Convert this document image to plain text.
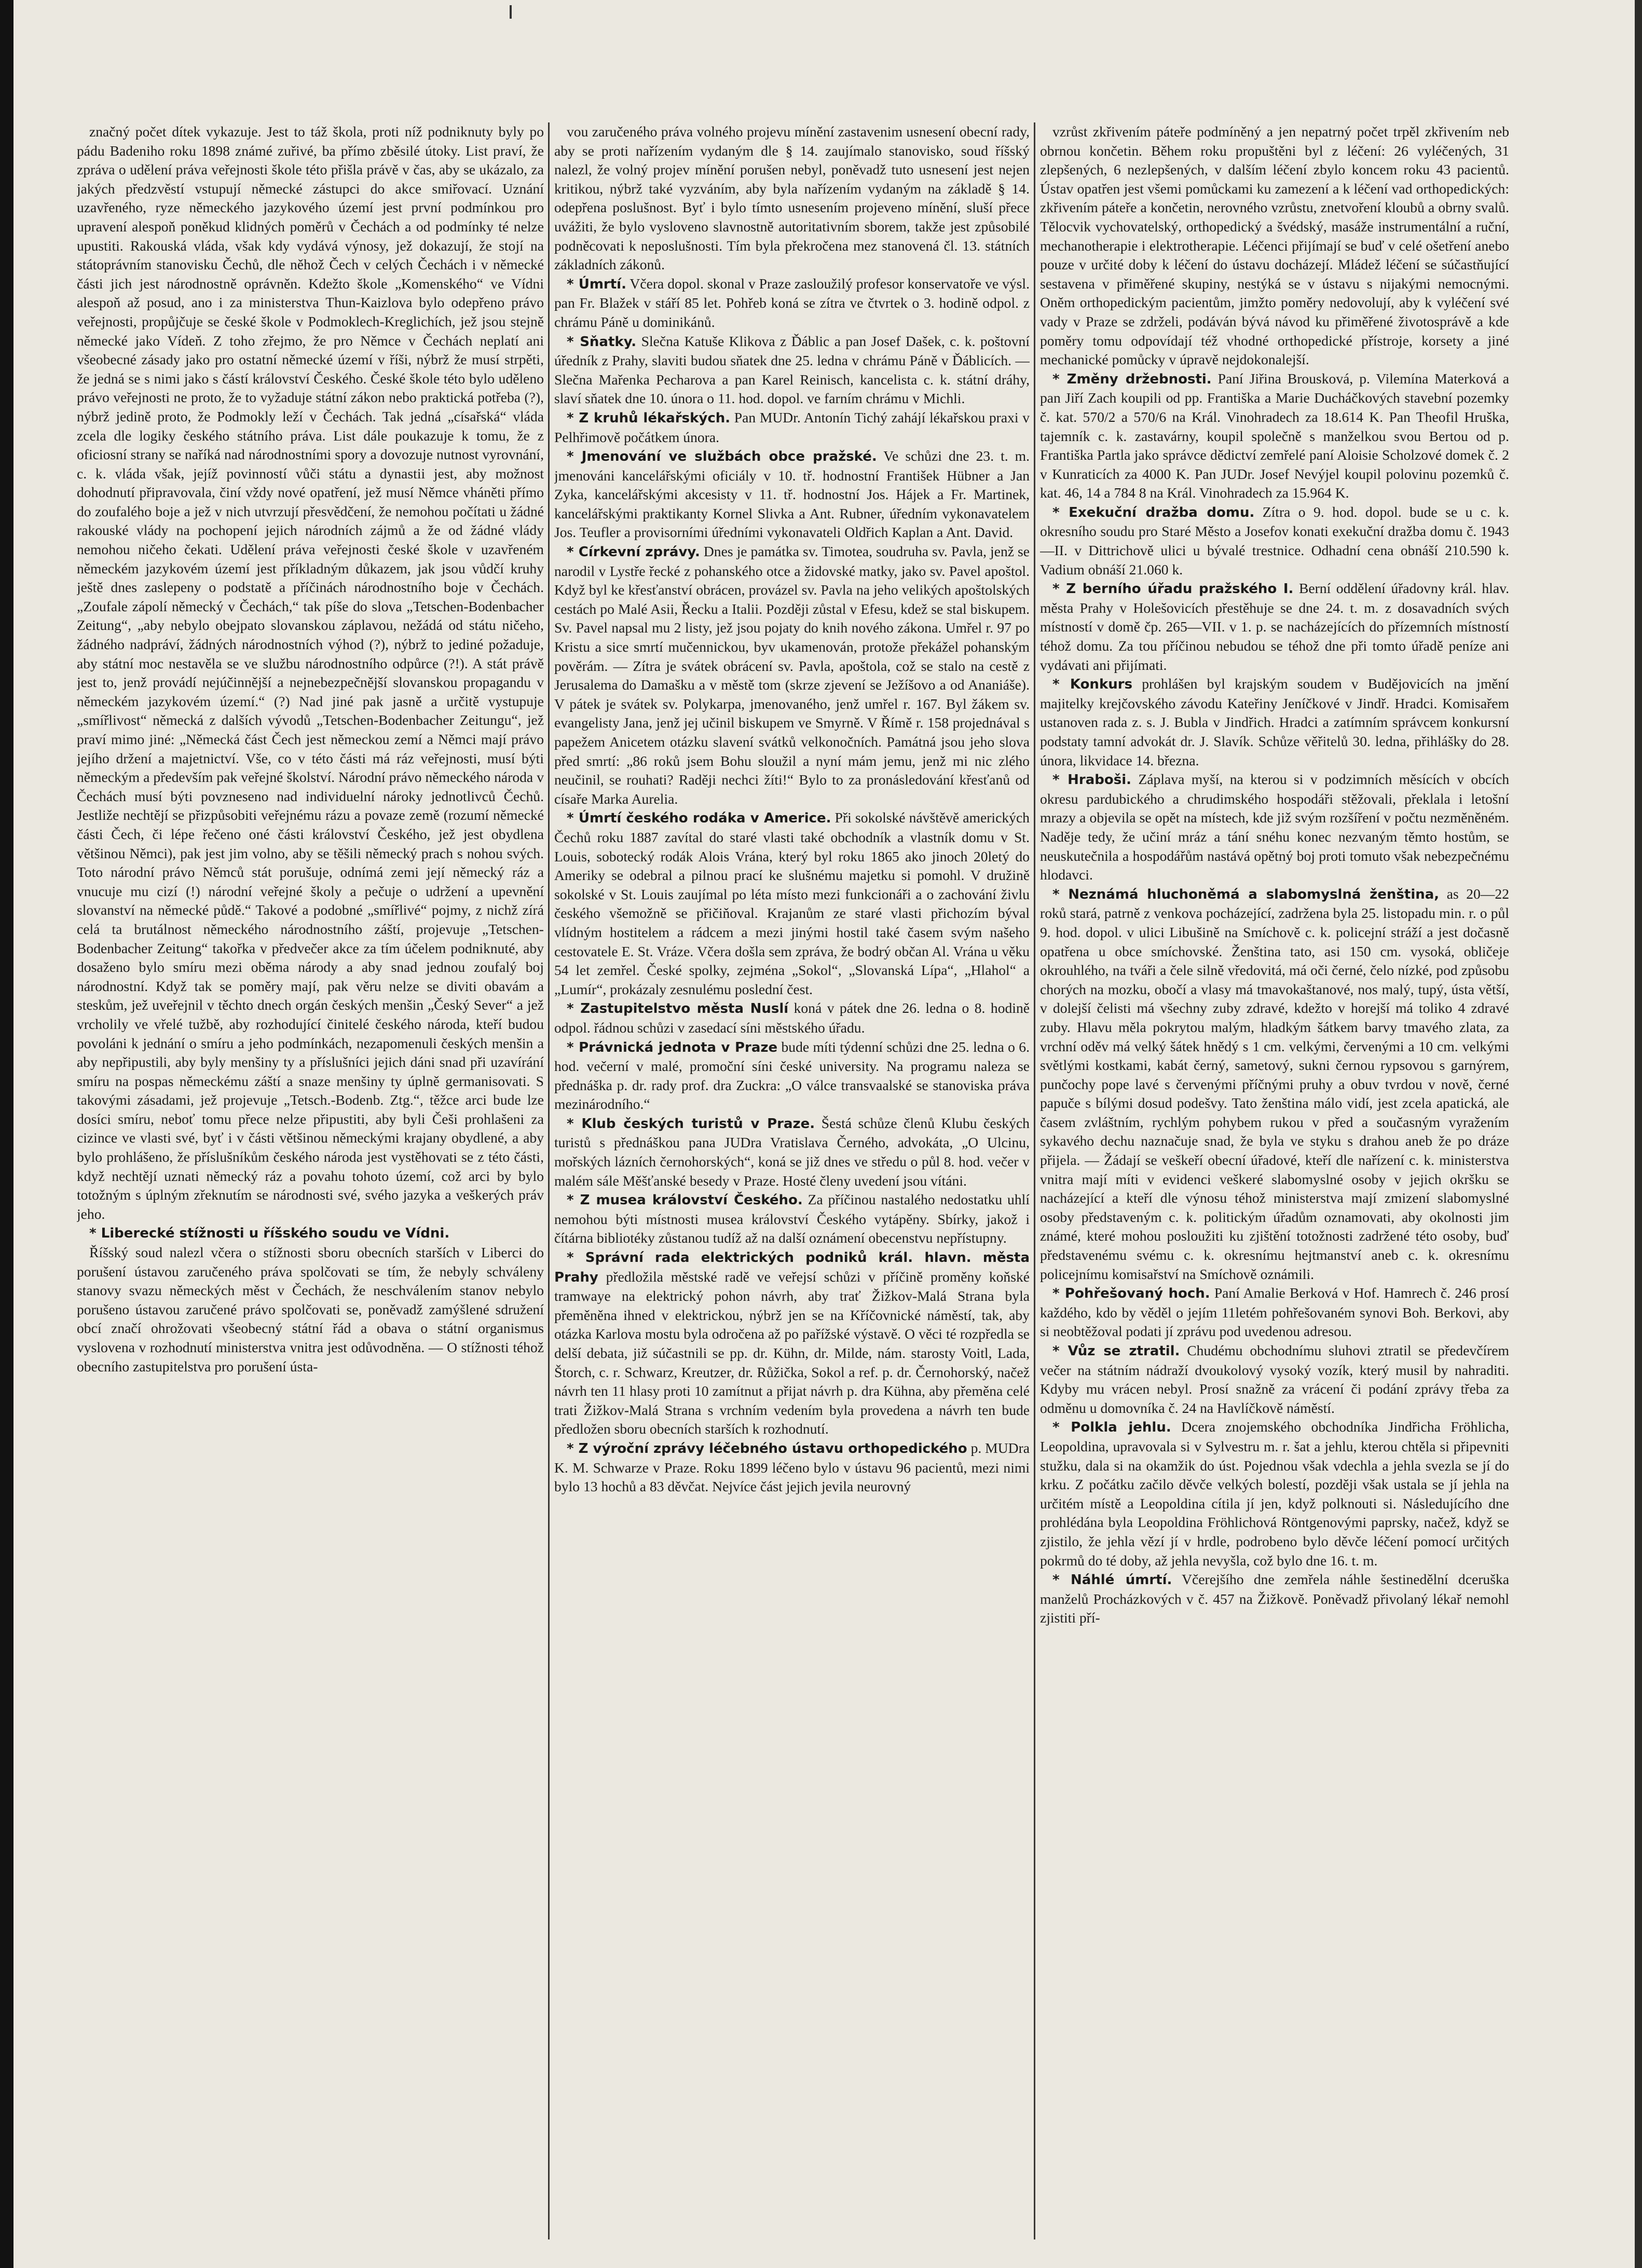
značný počet dítek vykazuje. Jest to táž škola, proti níž podniknuty byly po pádu Badeniho roku 1898 známé zuřivé, ba přímo zběsilé útoky. List praví, že zpráva o udělení práva veřejnosti škole této přišla právě v čas, aby se ukázalo, za jakých předzvěstí vstupují německé zástupci do akce smiřovací. Uznání uzavřeného, ryze německého jazykového území jest první podmínkou pro upravení alespoň poněkud klidných poměrů v Čechách a od podmínky té nelze upustiti. Rakouská vláda, však kdy vydává výnosy, jež dokazují, že stojí na státoprávním stanovisku Čechů, dle něhož Čech v celých Čechách i v německé části jich jest národnostně oprávněn. Kdežto škole „Komenského“ ve Vídni alespoň až posud, ano i za ministerstva Thun-Kaizlova bylo odepřeno právo veřejnosti, propůjčuje se české škole v Podmoklech-Kreglichích, jež jsou stejně německé jako Vídeň. Z toho zřejmo, že pro Němce v Čechách neplatí ani všeobecné zásady jako pro ostatní německé území v říši, nýbrž že musí strpěti, že jedná se s nimi jako s částí království Českého. České škole této bylo uděleno právo veřejnosti ne proto, že to vyžaduje státní zákon nebo praktická potřeba (?), nýbrž jedině proto, že Podmokly leží v Čechách. Tak jedná „císařská“ vláda zcela dle logiky českého státního práva. List dále poukazuje k tomu, že z oficiosní strany se naříká nad národnostními spory a dovozuje nutnost vyrovnání, c. k. vláda však, jejíž povinností vůči státu a dynastii jest, aby možnost dohodnutí připravovala, činí vždy nové opatření, jež musí Němce vháněti přímo do zoufalého boje a jež v nich utvrzují přesvědčení, že nemohou počítati u žádné rakouské vlády na pochopení jejich národních zájmů a že od žádné vlády nemohou ničeho čekati. Udělení práva veřejnosti české škole v uzavřeném německém jazykovém území jest příkladným důkazem, jak jsou vůdčí kruhy ještě dnes zaslepeny o podstatě a příčinách národnostního boje v Čechách. „Zoufale zápolí německý v Čechách,“ tak píše do slova „Tetschen-Bodenbacher Zeitung“, „aby nebylo obejpato slovanskou záplavou, nežádá od státu ničeho, žádného nadpráví, žádných národnostních výhod (?), nýbrž to jediné požaduje, aby státní moc nestavěla se ve službu národnostního odpůrce (?!). A stát právě jest to, jenž provádí nejúčinnější a nejnebezpečnější slovanskou propagandu v německém jazykovém území.“ (?) Nad jiné pak jasně a určitě vystupuje „smířlivost“ německá z dalších vývodů „Tetschen-Bodenbacher Zeitungu“, jež praví mimo jiné: „Německá část Čech jest německou zemí a Němci mají právo jejího držení a majetnictví. Vše, co v této části má ráz veřejnosti, musí býti německým a především pak veřejné školství. Národní právo německého národa v Čechách musí býti povzneseno nad individuelní nároky jednotlivců Čechů. Jestliže nechtějí se přizpůsobiti veřejnému rázu a povaze země (rozumí německé části Čech, či lépe řečeno oné části království Českého, jež jest obydlena většinou Němci), pak jest jim volno, aby se těšili německý prach s nohou svých. Toto národní právo Němců stát porušuje, odnímá zemi její německý ráz a vnucuje mu cizí (!) národní veřejné školy a pečuje o udržení a upevnění slovanství na německé půdě.“ Takové a podobné „smířlivé“ pojmy, z nichž zírá celá ta brutálnost německého národnostního záští, projevuje „Tetschen-Bodenbacher Zeitung“ takořka v předvečer akce za tím účelem podniknuté, aby dosaženo bylo smíru mezi oběma národy a aby snad jednou zoufalý boj národnostní. Když tak se poměry mají, pak věru nelze se diviti obavám a steskům, jež uveřejnil v těchto dnech orgán českých menšin „Český Sever“ a jež vrcholily ve vřelé tužbě, aby rozhodující činitelé českého národa, kteří budou povoláni k jednání o smíru a jeho podmínkách, nezapomenuli českých menšin a aby nepřipustili, aby byly menšiny ty a příslušníci jejich dáni snad při uzavírání smíru na pospas německému záští a snaze menšiny ty úplně germanisovati. S takovými zásadami, jež projevuje „Tetsch.-Bodenb. Ztg.“, těžce arci bude lze dosíci smíru, neboť tomu přece nelze připustiti, aby byli Češi prohlašeni za cizince ve vlasti své, byť i v části většinou německými krajany obydlené, a aby bylo prohlášeno, že příslušníkům českého národa jest vystěhovati se z této části, když nechtějí uznati německý ráz a povahu tohoto území, což arci by bylo totožným s úplným zřeknutím se národnosti své, svého jazyka a veškerých práv jeho.

* Liberecké stížnosti u říšského soudu ve Vídni.

Říšský soud nalezl včera o stížnosti sboru obecních starších v Liberci do porušení ústavou zaručeného práva spolčovati se tím, že nebyly schváleny stanovy svazu německých měst v Čechách, že neschválením stanov nebylo porušeno ústavou zaručené právo spolčovati se, poněvadž zamýšlené sdružení obcí značí ohrožovati všeobecný státní řád a obava o státní organismus vyslovena v rozhodnutí ministerstva vnitra jest odůvodněna. — O stížnosti téhož obecního zastupitelstva pro porušení ústa-

vou zaručeného práva volného projevu mínění zastavenim usnesení obecní rady, aby se proti nařízením vydaným dle § 14. zaujímalo stanovisko, soud říšský nalezl, že volný projev mínění porušen nebyl, poněvadž tuto usnesení jest nejen kritikou, nýbrž také vyzváním, aby byla nařízením vydaným na základě § 14. odepřena poslušnost. Byť i bylo tímto usnesením projeveno mínění, sluší přece uvážiti, že bylo vysloveno slavnostně autoritativním sborem, takže jest způsobilé podněcovati k neposlušnosti. Tím byla překročena mez stanovená čl. 13. státních základních zákonů.

* Úmrtí. Včera dopol. skonal v Praze zasloužilý profesor konservatoře ve výsl. pan Fr. Blažek v stáří 85 let. Pohřeb koná se zítra ve čtvrtek o 3. hodině odpol. z chrámu Páně u dominikánů.

* Sňatky. Slečna Katuše Klikova z Ďáblic a pan Josef Dašek, c. k. poštovní úředník z Prahy, slaviti budou sňatek dne 25. ledna v chrámu Páně v Ďáblicích. — Slečna Mařenka Pecharova a pan Karel Reinisch, kancelista c. k. státní dráhy, slaví sňatek dne 10. února o 11. hod. dopol. ve farním chrámu v Michli.

* Z kruhů lékařských. Pan MUDr. Antonín Tichý zahájí lékařskou praxi v Pelhřimově počátkem února.

* Jmenování ve službách obce pražské. Ve schůzi dne 23. t. m. jmenováni kancelářskými oficiály v 10. tř. hodnostní František Hübner a Jan Zyka, kancelářskými akcesisty v 11. tř. hodnostní Jos. Hájek a Fr. Martinek, kancelářskými praktikanty Kornel Slivka a Ant. Rubner, úředním vykonavatelem Jos. Teufler a provisorními úředními vykonavateli Oldřich Kaplan a Ant. David.

* Církevní zprávy. Dnes je památka sv. Timotea, soudruha sv. Pavla, jenž se narodil v Lystře řecké z pohanského otce a židovské matky, jako sv. Pavel apoštol. Když byl ke křesťanství obrácen, provázel sv. Pavla na jeho velikých apoštolských cestách po Malé Asii, Řecku a Italii. Později zůstal v Efesu, kdež se stal biskupem. Sv. Pavel napsal mu 2 listy, jež jsou pojaty do knih nového zákona. Umřel r. 97 po Kristu a sice smrtí mučennickou, byv ukamenován, protože překážel pohanským pověrám. — Zítra je svátek obrácení sv. Pavla, apoštola, což se stalo na cestě z Jerusalema do Damašku a v městě tom (skrze zjevení se Ježíšovo a od Ananiáše). V pátek je svátek sv. Polykarpa, jmenovaného, jenž umřel r. 167. Byl žákem sv. evangelisty Jana, jenž jej učinil biskupem ve Smyrně. V Římě r. 158 projednával s papežem Anicetem otázku slavení svátků velkonočních. Památná jsou jeho slova před smrtí: „86 roků jsem Bohu sloužil a nyní mám jemu, jenž mi nic zlého neučinil, se rouhati? Raději nechci žíti!“ Bylo to za pronásledování křesťanů od císaře Marka Aurelia.

* Úmrtí českého rodáka v Americe. Při sokolské návštěvě amerických Čechů roku 1887 zavítal do staré vlasti také obchodník a vlastník domu v St. Louis, sobotecký rodák Alois Vrána, který byl roku 1865 ako jinoch 20letý do Ameriky se odebral a pilnou prací ke slušnému majetku si pomohl. V družině sokolské v St. Louis zaujímal po léta místo mezi funkcionáři a o zachování živlu českého všemožně se přičiňoval. Krajanům ze staré vlasti přichozím býval vlídným hostitelem a rádcem a mezi jinými hostil také časem svým našeho cestovatele E. St. Vráze. Včera došla sem zpráva, že bodrý občan Al. Vrána u věku 54 let zemřel. České spolky, zejména „Sokol“, „Slovanská Lípa“, „Hlahol“ a „Lumír“, prokázaly zesnulému poslední čest.

* Zastupitelstvo města Nuslí koná v pátek dne 26. ledna o 8. hodině odpol. řádnou schůzi v zasedací síni městského úřadu.

* Právnická jednota v Praze bude míti týdenní schůzi dne 25. ledna o 6. hod. večerní v malé, promoční síni české university. Na programu naleza se přednáška p. dr. rady prof. dra Zuckra: „O válce transvaalské se stanoviska práva mezinárodního.“

* Klub českých turistů v Praze. Šestá schůze členů Klubu českých turistů s přednáškou pana JUDra Vratislava Černého, advokáta, „O Ulcinu, mořských lázních černohorských“, koná se již dnes ve středu o půl 8. hod. večer v malém sále Měšťanské besedy v Praze. Hosté členy uvedení jsou vítáni.

* Z musea království Českého. Za příčinou nastalého nedostatku uhlí nemohou býti místnosti musea království Českého vytápěny. Sbírky, jakož i čítárna bibliotéky zůstanou tudíž až na další oznámení obecenstvu nepřístupny.

* Správní rada elektrických podniků král. hlavn. města Prahy předložila městské radě ve veřejsí schůzi v příčině proměny koňské tramwaye na elektrický pohon návrh, aby trať Žižkov-Malá Strana byla přeměněna ihned v elektrickou, nýbrž jen se na Kříčovnické náměstí, tak, aby otázka Karlova mostu byla odročena až po pařížské výstavě. O věci té rozpředla se delší debata, již súčastnili se pp. dr. Kühn, dr. Milde, nám. starosty Voitl, Lada, Štorch, c. r. Schwarz, Kreutzer, dr. Růžička, Sokol a ref. p. dr. Černohorský, načež návrh ten 11 hlasy proti 10 zamítnut a přijat návrh p. dra Kühna, aby přeměna celé trati Žižkov-Malá Strana s vrchním vedením byla provedena a návrh ten bude předložen sboru obecních starších k rozhodnutí.

* Z výroční zprávy léčebného ústavu orthopedického p. MUDra K. M. Schwarze v Praze. Roku 1899 léčeno bylo v ústavu 96 pacientů, mezi nimi bylo 13 hochů a 83 děvčat. Nejvíce část jejich jevila neurovný

vzrůst zkřivením páteře podmíněný a jen nepatrný počet trpěl zkřivením neb obrnou končetin. Během roku propuštěni byl z léčení: 26 vyléčených, 31 zlepšených, 6 nezlepšených, v dalším léčení zbylo koncem roku 43 pacientů. Ústav opatřen jest všemi pomůckami ku zamezení a k léčení vad orthopedických: zkřivením páteře a končetin, nerovného vzrůstu, znetvoření kloubů a obrny svalů. Tělocvik vychovatelský, orthopedický a švédský, masáže instrumentální a ruční, mechanotherapie i elektrotherapie. Léčenci přijímají se buď v celé ošetření anebo pouze v určité doby k léčení do ústavu docházejí. Mládež léčení se súčastňující sestavena v přiměřené skupiny, nestýká se v ústavu s nijakými nemocnými. Oněm orthopedickým pacientům, jimžto poměry nedovolují, aby k vyléčení své vady v Praze se zdrželi, podáván bývá návod ku přiměřené životosprávě a kde poměry tomu odpovídají též vhodné orthopedické přístroje, korsety a jiné mechanické pomůcky v úpravě nejdokonalejší.

* Změny držebnosti. Paní Jiřina Brousková, p. Vilemína Materková a pan Jiří Zach koupili od pp. Františka a Marie Ducháčkových stavební pozemky č. kat. 570/2 a 570/6 na Král. Vinohradech za 18.614 K. Pan Theofil Hruška, tajemník c. k. zastavárny, koupil společně s manželkou svou Bertou od p. Františka Partla jako správce dědictví zemřelé paní Aloisie Scholzové domek č. 2 v Kunraticích za 4000 K. Pan JUDr. Josef Nevýjel koupil polovinu pozemků č. kat. 46, 14 a 784 8 na Král. Vinohradech za 15.964 K.

* Exekuční dražba domu. Zítra o 9. hod. dopol. bude se u c. k. okresního soudu pro Staré Město a Josefov konati exekuční dražba domu č. 1943—II. v Dittrichově ulici u bývalé trestnice. Odhadní cena obnáší 210.590 k. Vadium obnáší 21.060 k.

* Z berního úřadu pražského I. Berní oddělení úřadovny král. hlav. města Prahy v Holešovicích přestěhuje se dne 24. t. m. z dosavadních svých místností v domě čp. 265—VII. v 1. p. se nacházejících do přízemních místností téhož domu. Za tou příčinou nebudou se téhož dne při tomto úřadě peníze ani vydávati ani přijímati.

* Konkurs prohlášen byl krajským soudem v Budějovicích na jmění majitelky krejčovského závodu Kateřiny Jeníčkové v Jindř. Hradci. Komisařem ustanoven rada z. s. J. Bubla v Jindřich. Hradci a zatímním správcem konkursní podstaty tamní advokát dr. J. Slavík. Schůze věřitelů 30. ledna, přihlášky do 28. února, likvidace 14. března.

* Hraboši. Záplava myší, na kterou si v podzimních měsících v obcích okresu pardubického a chrudimského hospodáři stěžovali, překlala i letošní mrazy a objevila se opět na místech, kde již svým rozšíření v počtu nezměněném. Naděje tedy, že učiní mráz a tání snéhu konec nezvaným těmto hostům, se neuskutečnila a hospodářům nastává opětný boj proti tomuto však nebezpečnému hlodavci.

* Neznámá hluchoněmá a slabomyslná ženština, as 20—22 roků stará, patrně z venkova pocházející, zadržena byla 25. listopadu min. r. o půl 9. hod. dopol. v ulici Libušině na Smíchově c. k. policejní stráží a jest dočasně opatřena u obce smíchovské. Ženština tato, asi 150 cm. vysoká, obličeje okrouhlého, na tváři a čele silně vředovitá, má oči černé, čelo nízké, pod způsobu chorých na mozku, obočí a vlasy má tmavokaštanové, nos malý, tupý, ústa větší, v dolejší čelisti má všechny zuby zdravé, kdežto v horejší má toliko 4 zdravé zuby. Hlavu měla pokrytou malým, hladkým šátkem barvy tmavého zlata, za vrchní oděv má velký šátek hnědý s 1 cm. velkými, červenými a 10 cm. velkými světlými kostkami, kabát černý, sametový, sukni černou rypsovou s garnýrem, punčochy pope lavé s červenými příčnými pruhy a obuv tvrdou v nově, černé papuče s bílými dosud podešvy. Tato ženština málo vidí, jest zcela apatická, ale časem zvláštním, rychlým pohybem rukou v před a současným vyražením sykavého dechu naznačuje snad, že byla ve styku s drahou aneb že po dráze přijela. — Žádají se veškeří obecní úřadové, kteří dle nařízení c. k. ministerstva vnitra mají míti v evidenci veškeré slabomyslné osoby v jejich okršku se nacházející a kteří dle výnosu téhož ministerstva mají zmizení slabomyslné osoby představeným c. k. politickým úřadům oznamovati, aby okolnosti jim známé, které mohou posloužiti ku zjištění totožnosti zadržené této osoby, buď představenému svému c. k. okresnímu hejtmanství aneb c. k. okresnímu policejnímu komisařství na Smíchově oznámili.

* Pohřešovaný hoch. Paní Amalie Berková v Hof. Hamrech č. 246 prosí každého, kdo by věděl o jejím 11letém pohřešovaném synovi Boh. Berkovi, aby si neobtěžoval podati jí zprávu pod uvedenou adresou.

* Vůz se ztratil. Chudému obchodnímu sluhovi ztratil se předevčírem večer na státním nádraží dvoukolový vysoký vozík, který musil by nahraditi. Kdyby mu vrácen nebyl. Prosí snažně za vrácení či podání zprávy třeba za odměnu u domovníka č. 24 na Havlíčkově náměstí.

* Polkla jehlu. Dcera znojemského obchodníka Jindřicha Fröhlicha, Leopoldina, upravovala si v Sylvestru m. r. šat a jehlu, kterou chtěla si připevniti stužku, dala si na okamžik do úst. Pojednou však vdechla a jehla svezla se jí do krku. Z počátku začilo děvče velkých bolestí, později však ustala se jí jehla na určitém místě a Leopoldina cítila jí jen, když polknouti si. Následujícího dne prohlédána byla Leopoldina Fröhlichová Röntgenovými paprsky, načež, když se zjistilo, že jehla vězí jí v hrdle, podrobeno bylo děvče léčení pomocí určitých pokrmů do té doby, až jehla nevyšla, což bylo dne 16. t. m.

* Náhlé úmrtí. Včerejšího dne zemřela náhle šestinedělní dceruška manželů Procházkových v č. 457 na Žižkově. Poněvadž přivolaný lékař nemohl zjistiti pří-
